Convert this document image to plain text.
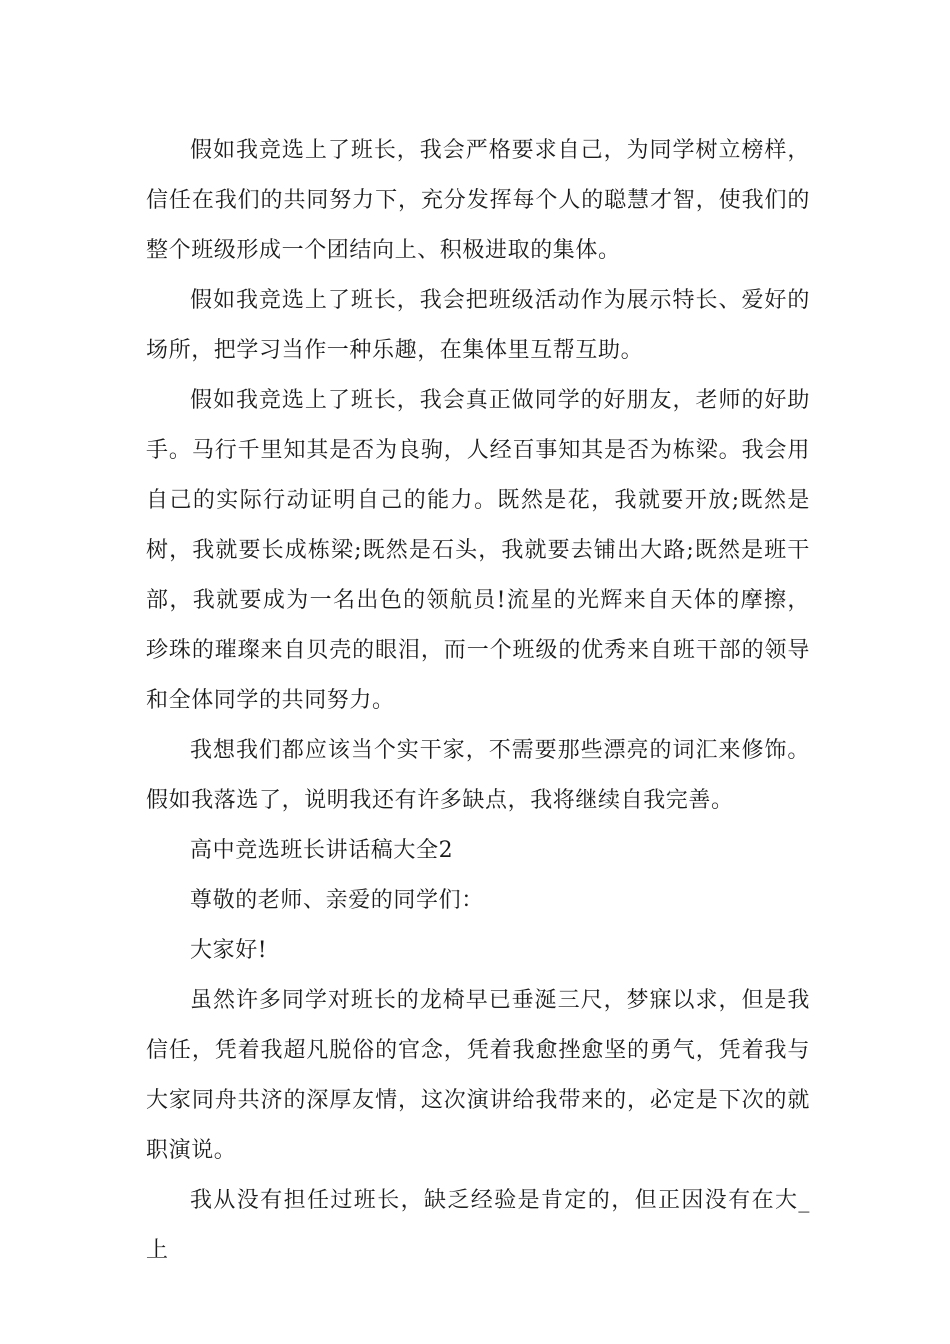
假如我竞选上了班长，我会严格要求自己，为同学树立榜样，信任在我们的共同努力下，充分发挥每个人的聪慧才智，使我们的整个班级形成一个团结向上、积极进取的集体。

假如我竞选上了班长，我会把班级活动作为展示特长、爱好的场所，把学习当作一种乐趣，在集体里互帮互助。

假如我竞选上了班长，我会真正做同学的好朋友，老师的好助手。马行千里知其是否为良驹，人经百事知其是否为栋梁。我会用自己的实际行动证明自己的能力。既然是花，我就要开放;既然是树，我就要长成栋梁;既然是石头，我就要去铺出大路;既然是班干部，我就要成为一名出色的领航员!流星的光辉来自天体的摩擦，珍珠的璀璨来自贝壳的眼泪，而一个班级的优秀来自班干部的领导和全体同学的共同努力。

我想我们都应该当个实干家，不需要那些漂亮的词汇来修饰。假如我落选了，说明我还有许多缺点，我将继续自我完善。

高中竞选班长讲话稿大全2

尊敬的老师、亲爱的同学们：

大家好!

虽然许多同学对班长的龙椅早已垂涎三尺，梦寐以求，但是我信任，凭着我超凡脱俗的官念，凭着我愈挫愈坚的勇气，凭着我与大家同舟共济的深厚友情，这次演讲给我带来的，必定是下次的就职演说。

我从没有担任过班长，缺乏经验是肯定的，但正因没有在大_上
